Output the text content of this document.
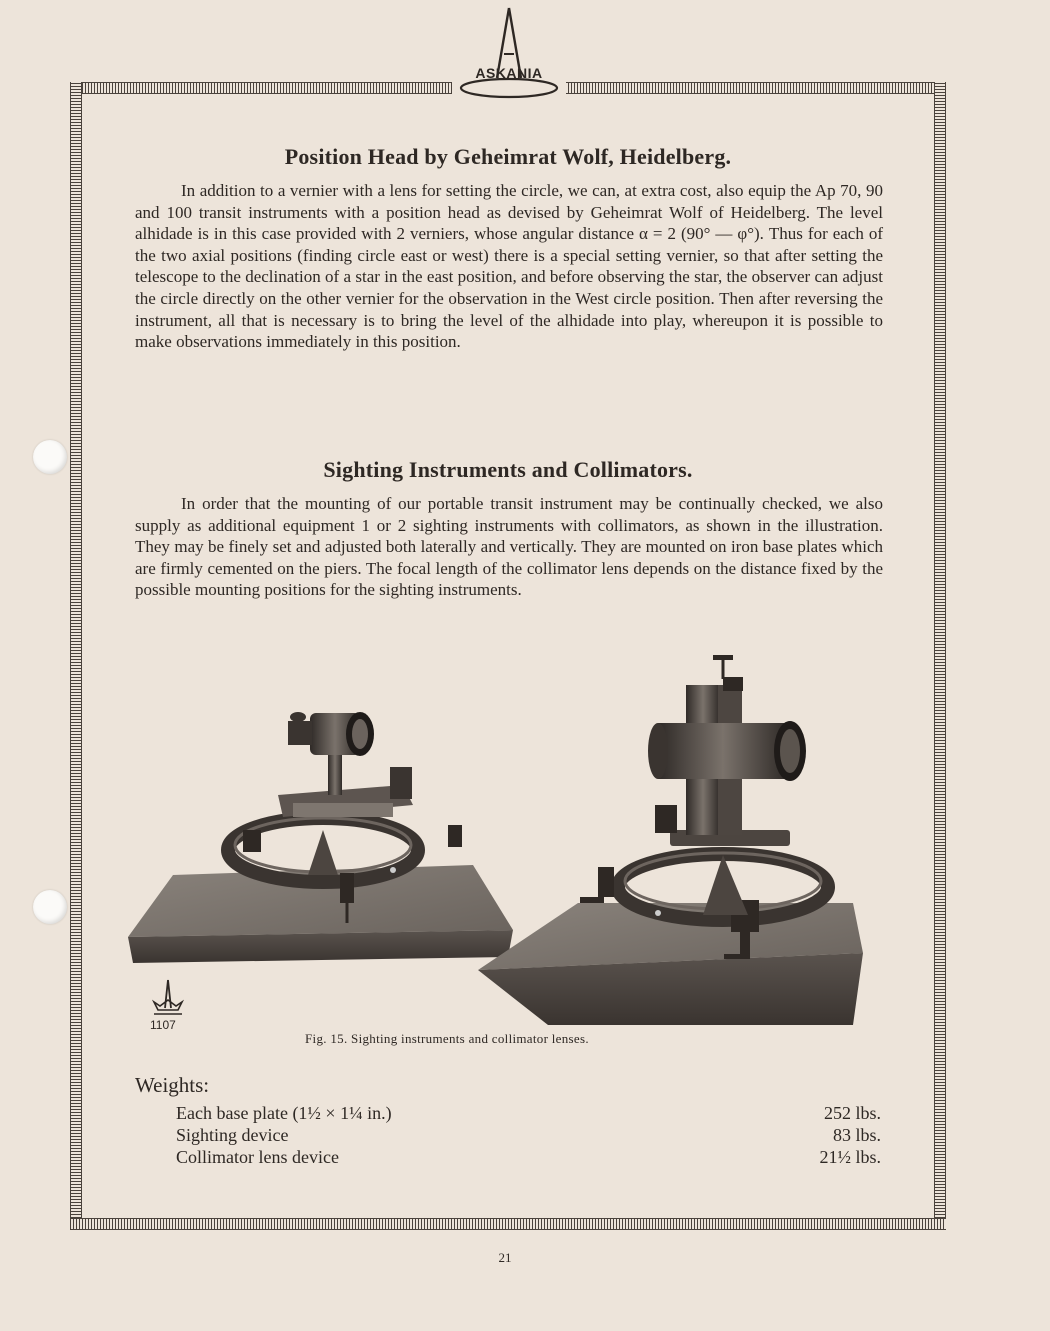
ASKANIA
Position Head by Geheimrat Wolf, Heidelberg.

In addition to a vernier with a lens for setting the circle, we can, at extra cost, also equip the Ap 70, 90 and 100 transit instruments with a position head as devised by Geheimrat Wolf of Heidelberg. The level alhidade is in this case provided with 2 verniers, whose angular distance α = 2 (90° — φ°). Thus for each of the two axial positions (finding circle east or west) there is a special setting vernier, so that after setting the telescope to the declination of a star in the east position, and before observing the star, the observer can adjust the circle directly on the other vernier for the observation in the West circle position. Then after reversing the instrument, all that is necessary is to bring the level of the alhidade into play, whereupon it is possible to make observations immediately in this position.

Sighting Instruments and Collimators.

In order that the mounting of our portable transit instrument may be continually checked, we also supply as additional equipment 1 or 2 sighting instruments with collimators, as shown in the illustration. They may be finely set and adjusted both laterally and vertically. They are mounted on iron base plates which are firmly cemented on the piers. The focal length of the collimator lens depends on the distance fixed by the possible mounting positions for the sighting instruments.

1107
Fig. 15. Sighting instruments and collimator lenses.
Weights:
Each base plate (1½ × 1¼ in.)	252 lbs.
Sighting device	83 lbs.
Collimator lens device	21½ lbs.
21
